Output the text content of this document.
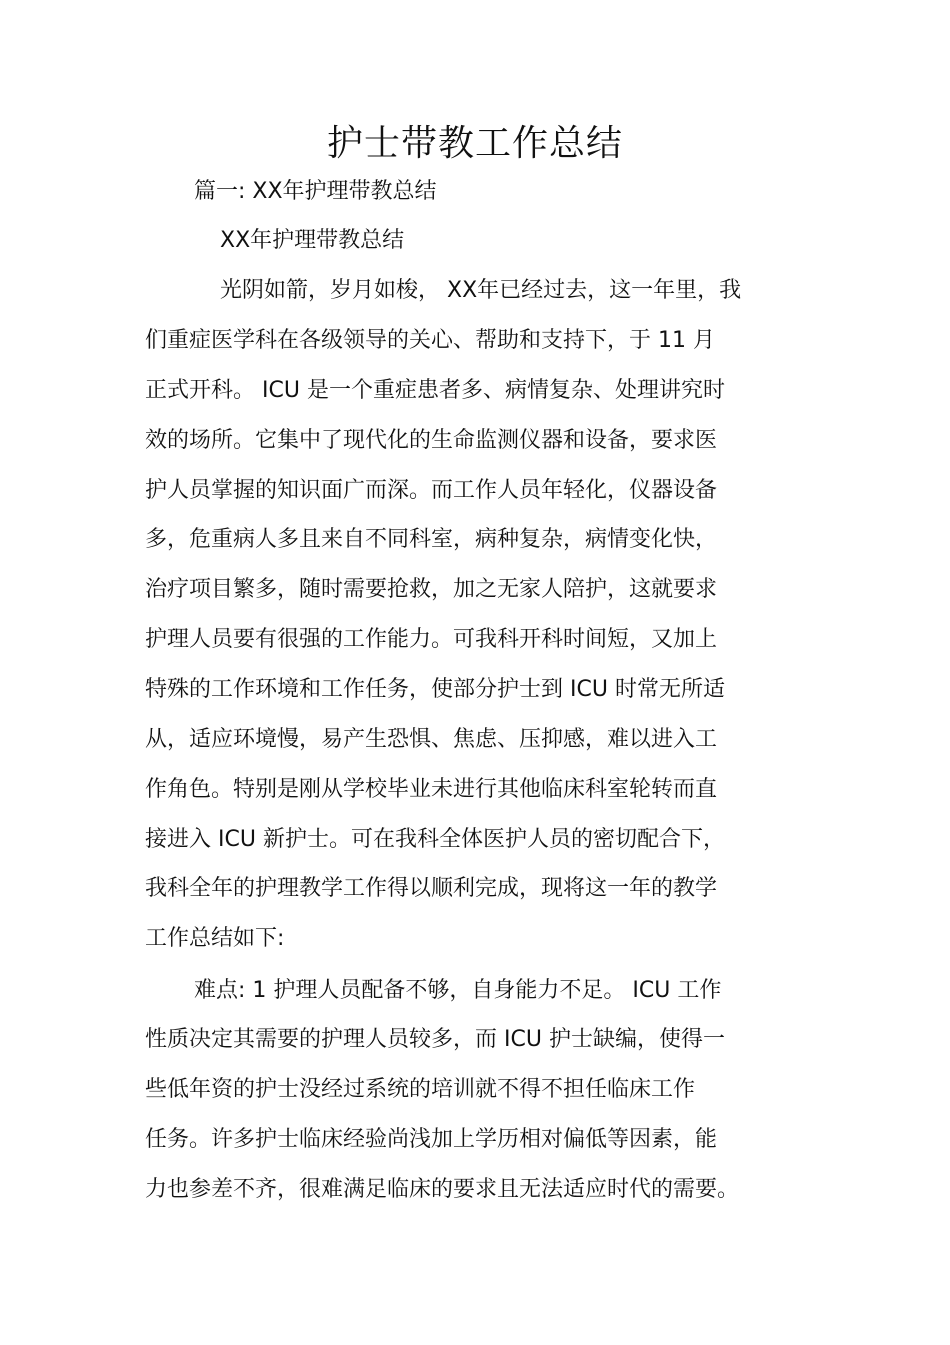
护士带教工作总结
篇一: XX年护理带教总结
XX年护理带教总结
光阴如箭，岁月如梭， XX年已经过去，这一年里，我
们重症医学科在各级领导的关心、帮助和支持下，于 11 月
正式开科。 ICU 是一个重症患者多、病情复杂、处理讲究时
效的场所。它集中了现代化的生命监测仪器和设备，要求医
护人员掌握的知识面广而深。而工作人员年轻化，仪器设备
多，危重病人多且来自不同科室，病种复杂，病情变化快，
治疗项目繁多，随时需要抢救，加之无家人陪护，这就要求
护理人员要有很强的工作能力。可我科开科时间短，又加上
特殊的工作环境和工作任务，使部分护士到 ICU 时常无所适
从，适应环境慢，易产生恐惧、焦虑、压抑感，难以进入工
作角色。特别是刚从学校毕业未进行其他临床科室轮转而直
接进入 ICU 新护士。可在我科全体医护人员的密切配合下，
我科全年的护理教学工作得以顺利完成，现将这一年的教学
工作总结如下:
难点: 1 护理人员配备不够，自身能力不足。 ICU 工作
性质决定其需要的护理人员较多，而 ICU 护士缺编，使得一
些低年资的护士没经过系统的培训就不得不担任临床工作
任务。许多护士临床经验尚浅加上学历相对偏低等因素，能
力也参差不齐，很难满足临床的要求且无法适应时代的需要。
